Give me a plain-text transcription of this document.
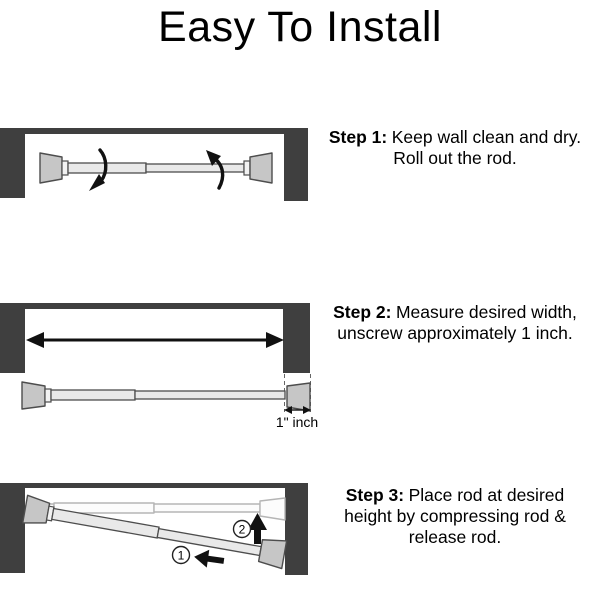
Easy To Install
Step 1: Keep wall clean and dry.
Roll out the rod.
1" inch
Step 2: Measure desired width,
unscrew approximately 1 inch.
1
2
Step 3: Place rod at desired
height by compressing rod &
release rod.
